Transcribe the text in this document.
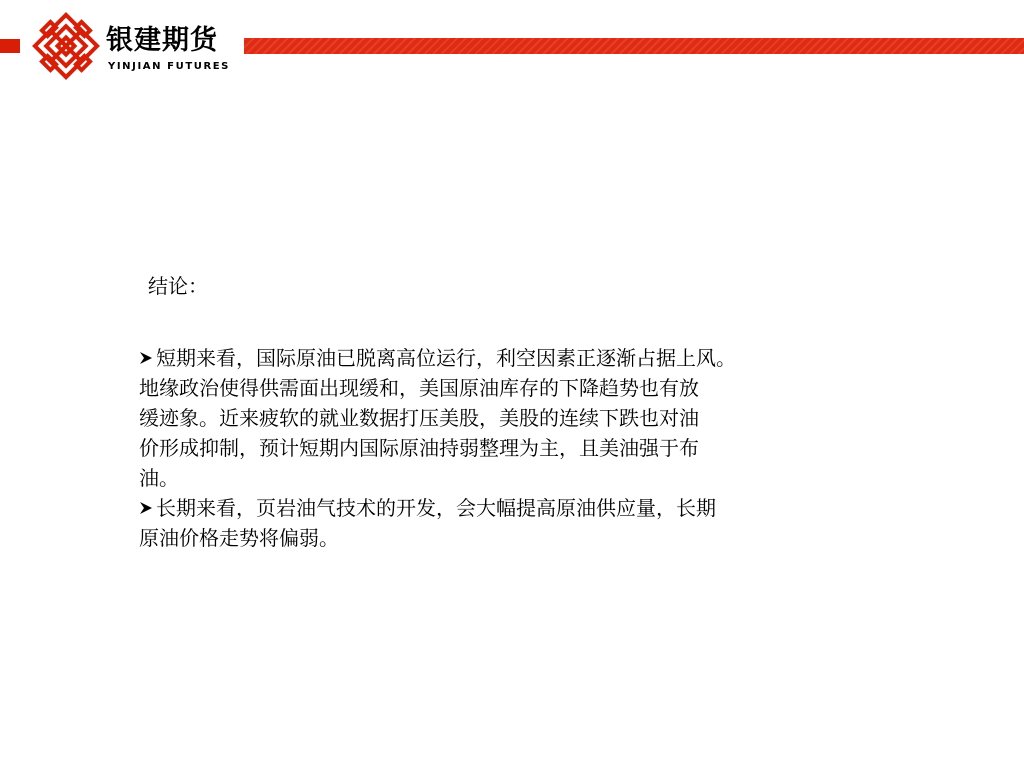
银建期货
YINJIAN FUTURES
结论：
短期来看，国际原油已脱离高位运行，利空因素正逐渐占据上风。
地缘政治使得供需面出现缓和，美国原油库存的下降趋势也有放
缓迹象。近来疲软的就业数据打压美股，美股的连续下跌也对油
价形成抑制，预计短期内国际原油持弱整理为主，且美油强于布
油。
长期来看，页岩油气技术的开发，会大幅提高原油供应量，长期
原油价格走势将偏弱。
